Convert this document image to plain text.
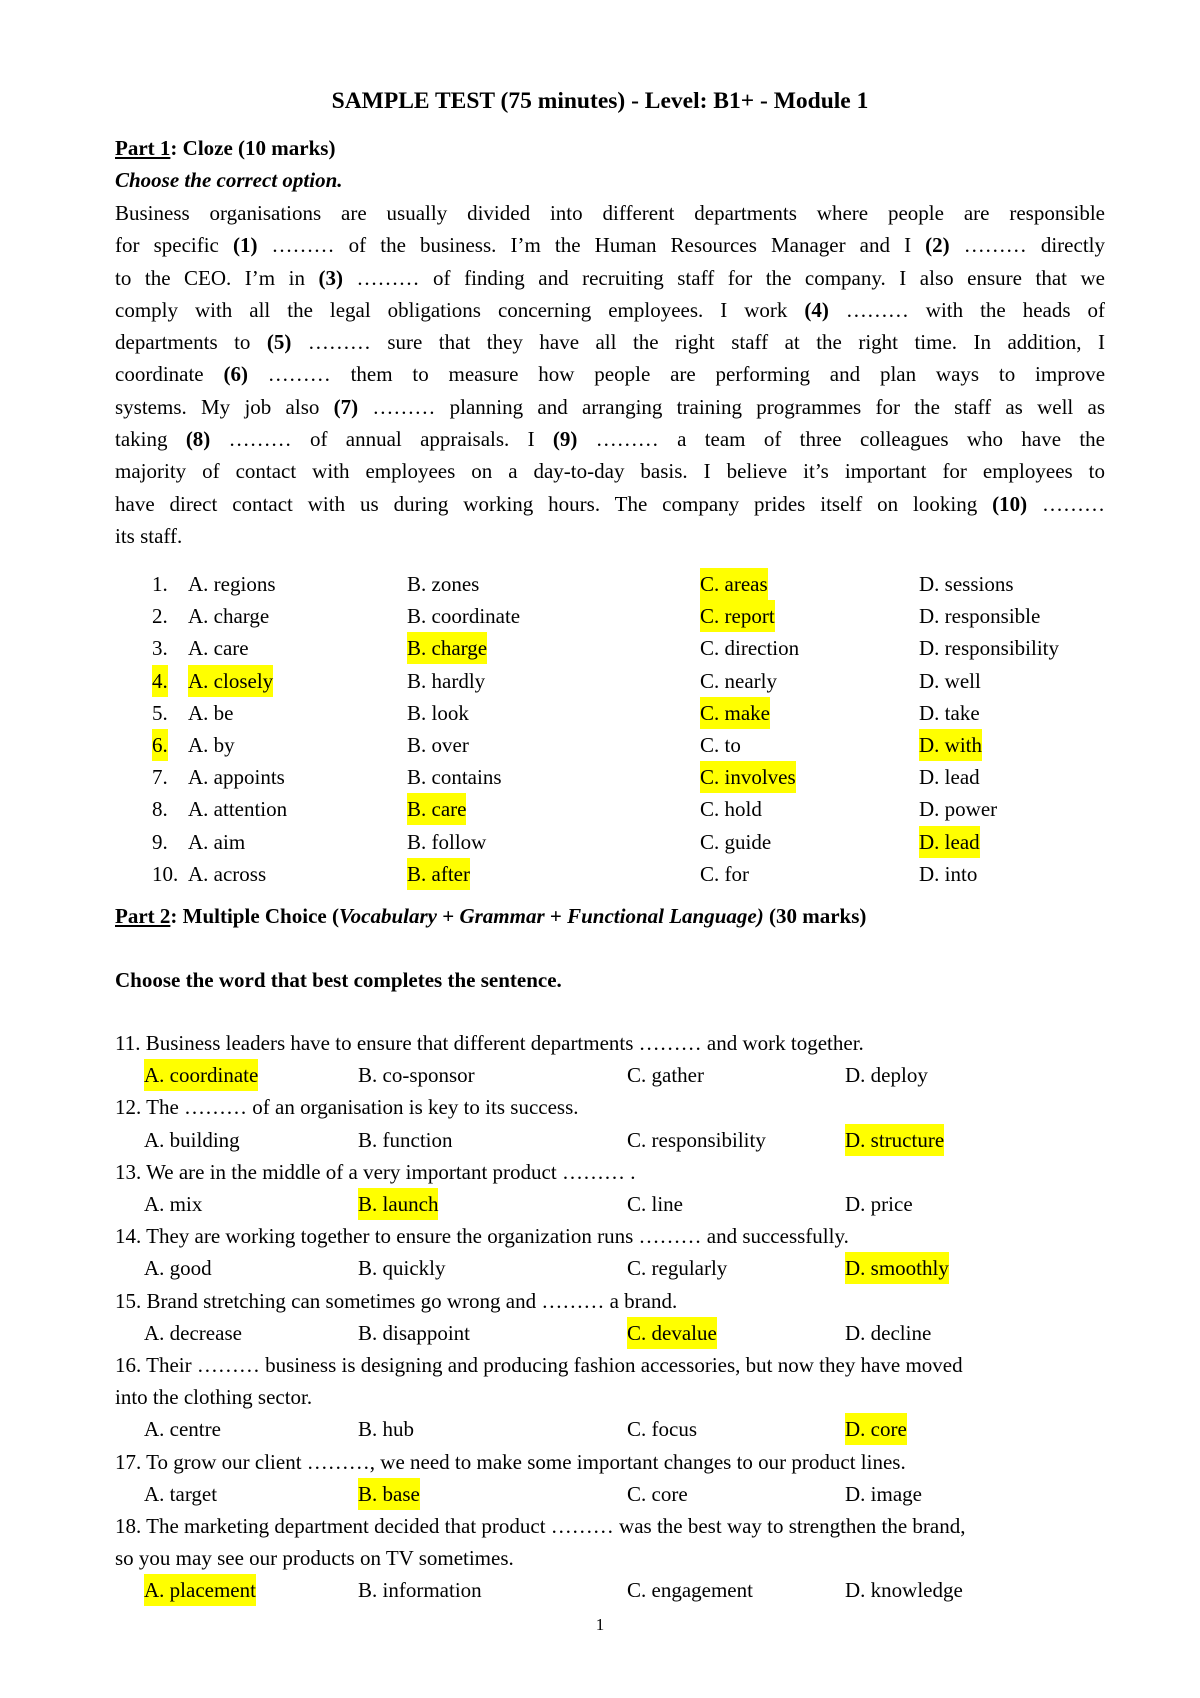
SAMPLE TEST (75 minutes) - Level: B1+ - Module 1
Part 1: Cloze (10 marks)
Choose the correct option.
Business organisations are usually divided into different departments where people are responsible
for specific (1) ……… of the business. I’m the Human Resources Manager and I (2) ……… directly
to the CEO. I’m in (3) ……… of finding and recruiting staff for the company. I also ensure that we
comply with all the legal obligations concerning employees. I work (4) ……… with the heads of
departments to (5) ……… sure that they have all the right staff at the right time. In addition, I
coordinate (6) ……… them to measure how people are performing and plan ways to improve
systems. My job also (7) ……… planning and arranging training programmes for the staff as well as
taking (8) ……… of annual appraisals. I (9) ……… a team of three colleagues who have the
majority of contact with employees on a day-to-day basis. I believe it’s important for employees to
have direct contact with us during working hours. The company prides itself on looking (10) ………
its staff.
1. A. regions	B. zones	C. areas	D. sessions
2. A. charge	B. coordinate	C. report	D. responsible
3. A. care	B. charge	C. direction	D. responsibility
4. A. closely	B. hardly	C. nearly	D. well
5. A. be	B. look	C. make	D. take
6. A. by	B. over	C. to	D. with
7. A. appoints	B. contains	C. involves	D. lead
8. A. attention	B. care	C. hold	D. power
9. A. aim	B. follow	C. guide	D. lead
10. A. across	B. after	C. for	D. into
Part 2: Multiple Choice (Vocabulary + Grammar + Functional Language) (30 marks)
Choose the word that best completes the sentence.
11. Business leaders have to ensure that different departments ……… and work together.
A. coordinate	B. co-sponsor	C. gather	D. deploy
12. The ……… of an organisation is key to its success.
A. building	B. function	C. responsibility	D. structure
13. We are in the middle of a very important product ……… .
A. mix	B. launch	C. line	D. price
14. They are working together to ensure the organization runs ……… and successfully.
A. good	B. quickly	C. regularly	D. smoothly
15. Brand stretching can sometimes go wrong and ……… a brand.
A. decrease	B. disappoint	C. devalue	D. decline
16. Their ……… business is designing and producing fashion accessories, but now they have moved
into the clothing sector.
A. centre	B. hub	C. focus	D. core
17. To grow our client ………, we need to make some important changes to our product lines.
A. target	B. base	C. core	D. image
18. The marketing department decided that product ……… was the best way to strengthen the brand,
so you may see our products on TV sometimes.
A. placement	B. information	C. engagement	D. knowledge
1
